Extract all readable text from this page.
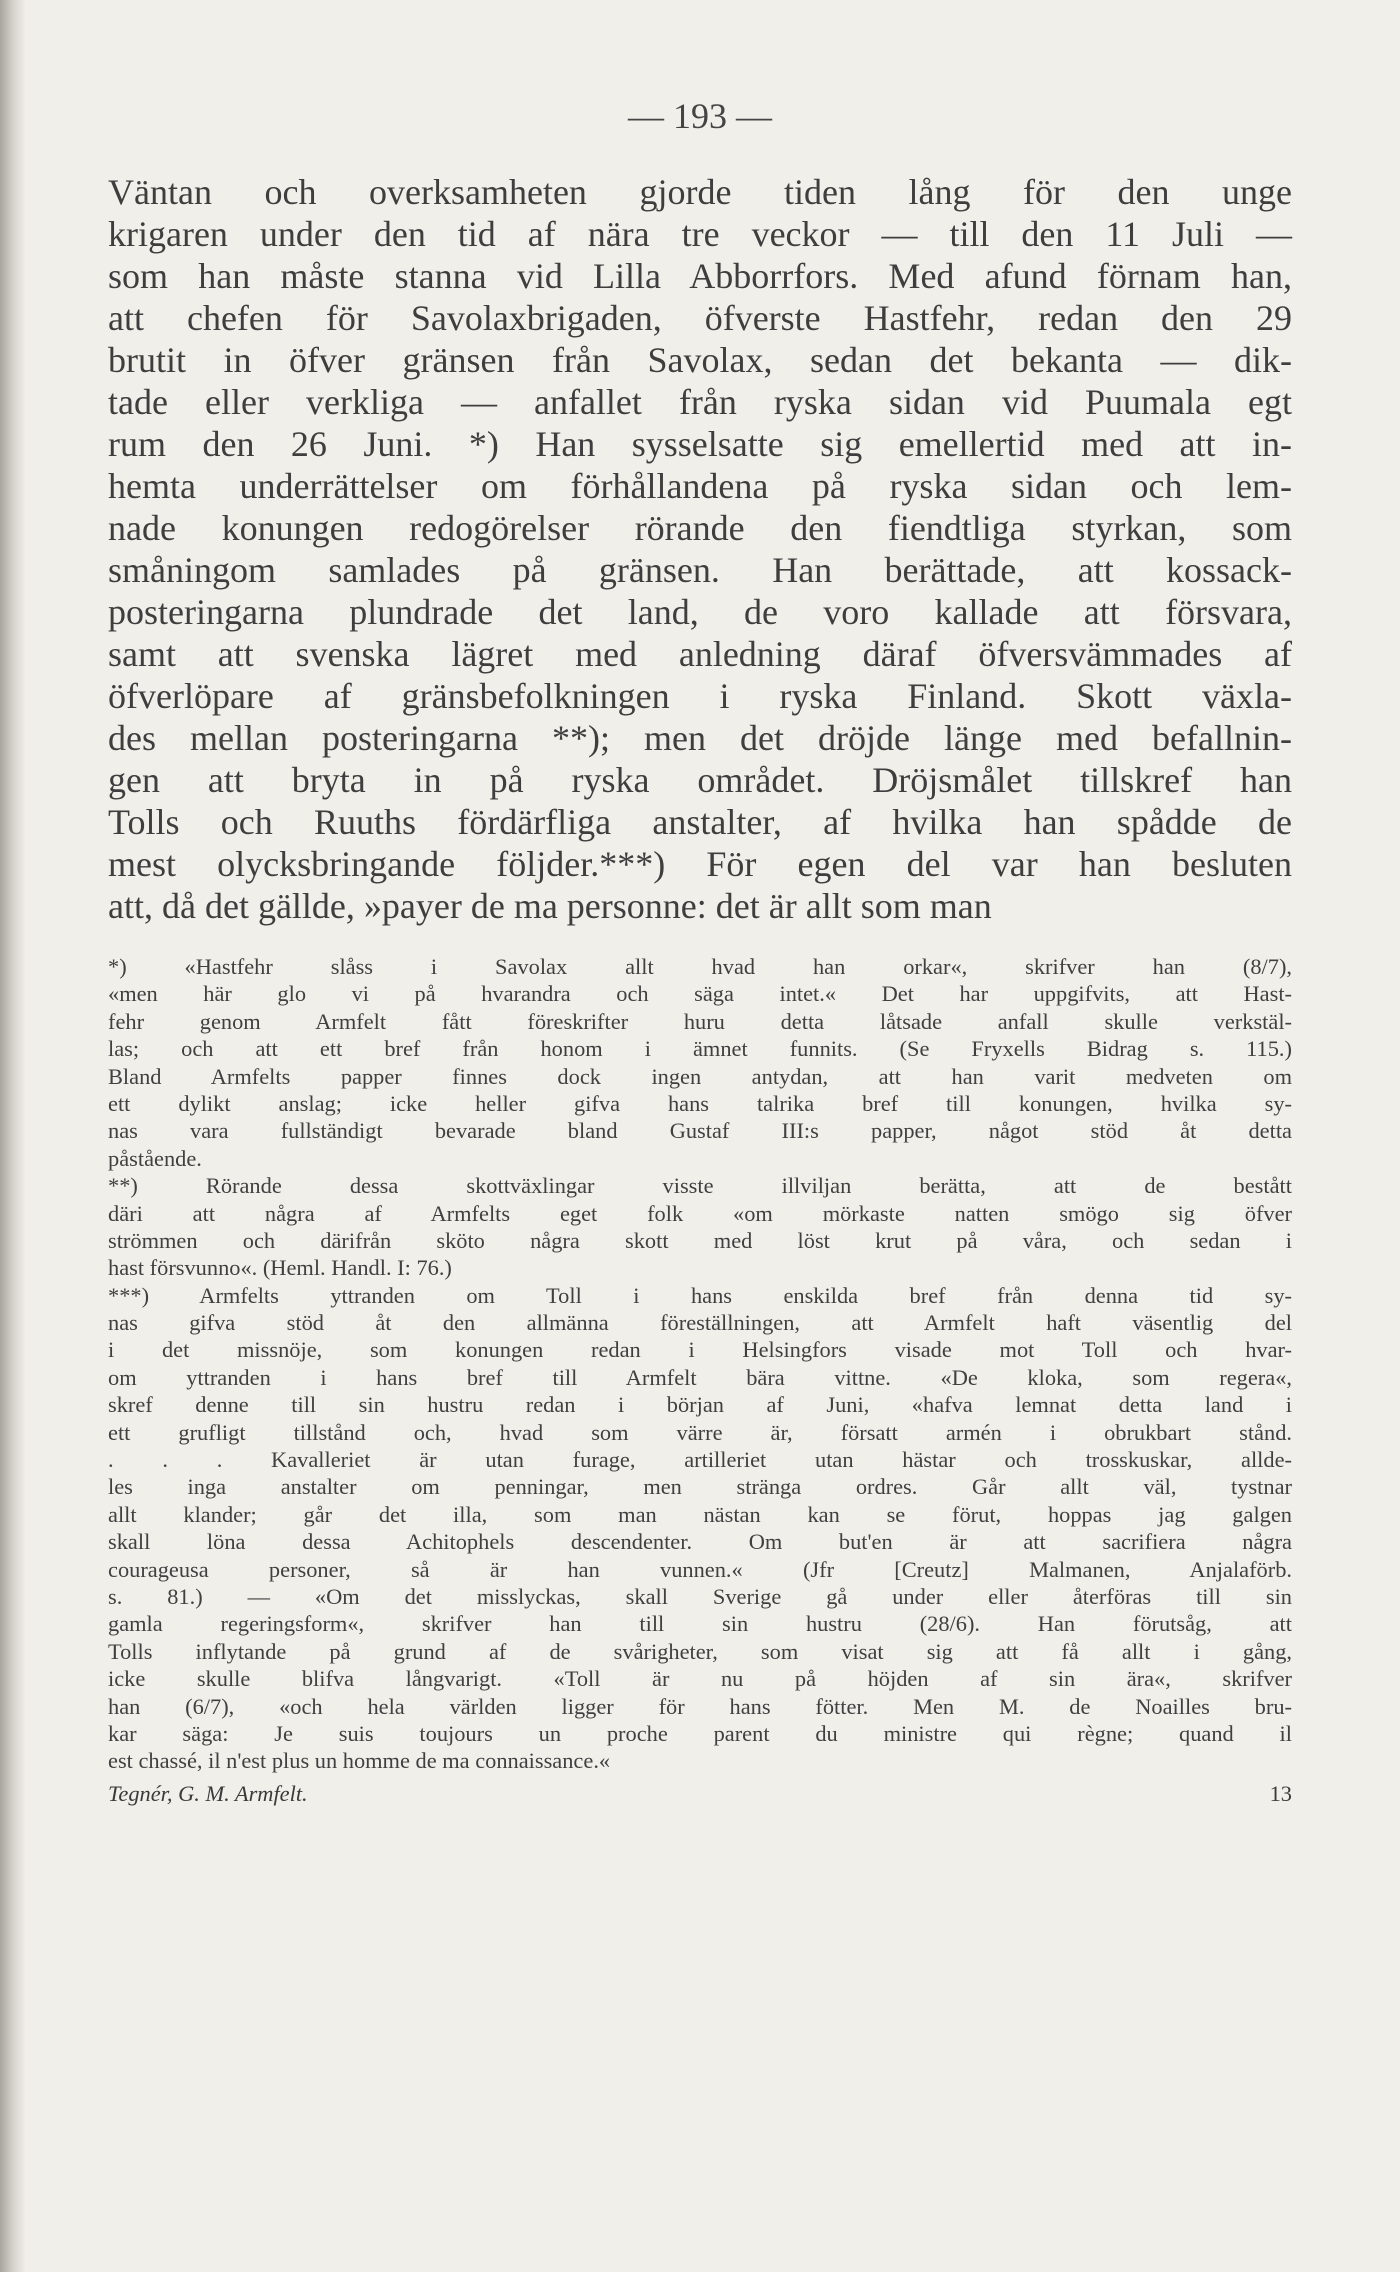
— 193 —
Väntan och overksamheten gjorde tiden lång för den unge
krigaren under den tid af nära tre veckor — till den 11 Juli —
som han måste stanna vid Lilla Abborrfors. Med afund förnam han,
att chefen för Savolaxbrigaden, öfverste Hastfehr, redan den 29
brutit in öfver gränsen från Savolax, sedan det bekanta — dik-
tade eller verkliga — anfallet från ryska sidan vid Puumala egt
rum den 26 Juni. *) Han sysselsatte sig emellertid med att in-
hemta underrättelser om förhållandena på ryska sidan och lem-
nade konungen redogörelser rörande den fiendtliga styrkan, som
småningom samlades på gränsen. Han berättade, att kossack-
posteringarna plundrade det land, de voro kallade att försvara,
samt att svenska lägret med anledning däraf öfversvämmades af
öfverlöpare af gränsbefolkningen i ryska Finland. Skott växla-
des mellan posteringarna **); men det dröjde länge med befallnin-
gen att bryta in på ryska området. Dröjsmålet tillskref han
Tolls och Ruuths fördärfliga anstalter, af hvilka han spådde de
mest olycksbringande följder.***) För egen del var han besluten
att, då det gällde, »payer de ma personne: det är allt som man
*) «Hastfehr slåss i Savolax allt hvad han orkar«, skrifver han (8/7),
«men här glo vi på hvarandra och säga intet.« Det har uppgifvits, att Hast-
fehr genom Armfelt fått föreskrifter huru detta låtsade anfall skulle verkstäl-
las; och att ett bref från honom i ämnet funnits. (Se Fryxells Bidrag s. 115.)
Bland Armfelts papper finnes dock ingen antydan, att han varit medveten om
ett dylikt anslag; icke heller gifva hans talrika bref till konungen, hvilka sy-
nas vara fullständigt bevarade bland Gustaf III:s papper, något stöd åt detta
påstående.
**) Rörande dessa skottväxlingar visste illviljan berätta, att de bestått
däri att några af Armfelts eget folk «om mörkaste natten smögo sig öfver
strömmen och därifrån sköto några skott med löst krut på våra, och sedan i
hast försvunno«. (Heml. Handl. I: 76.)
***) Armfelts yttranden om Toll i hans enskilda bref från denna tid sy-
nas gifva stöd åt den allmänna föreställningen, att Armfelt haft väsentlig del
i det missnöje, som konungen redan i Helsingfors visade mot Toll och hvar-
om yttranden i hans bref till Armfelt bära vittne. «De kloka, som regera«,
skref denne till sin hustru redan i början af Juni, «hafva lemnat detta land i
ett grufligt tillstånd och, hvad som värre är, försatt armén i obrukbart stånd.
. . . Kavalleriet är utan furage, artilleriet utan hästar och trosskuskar, allde-
les inga anstalter om penningar, men stränga ordres. Går allt väl, tystnar
allt klander; går det illa, som man nästan kan se förut, hoppas jag galgen
skall löna dessa Achitophels descendenter. Om but'en är att sacrifiera några
courageusa personer, så är han vunnen.« (Jfr [Creutz] Malmanen, Anjalaförb.
s. 81.) — «Om det misslyckas, skall Sverige gå under eller återföras till sin
gamla regeringsform«, skrifver han till sin hustru (28/6). Han förutsåg, att
Tolls inflytande på grund af de svårigheter, som visat sig att få allt i gång,
icke skulle blifva långvarigt. «Toll är nu på höjden af sin ära«, skrifver
han (6/7), «och hela världen ligger för hans fötter. Men M. de Noailles bru-
kar säga: Je suis toujours un proche parent du ministre qui règne; quand il
est chassé, il n'est plus un homme de ma connaissance.«
Tegnér, G. M. Armfelt.	13
